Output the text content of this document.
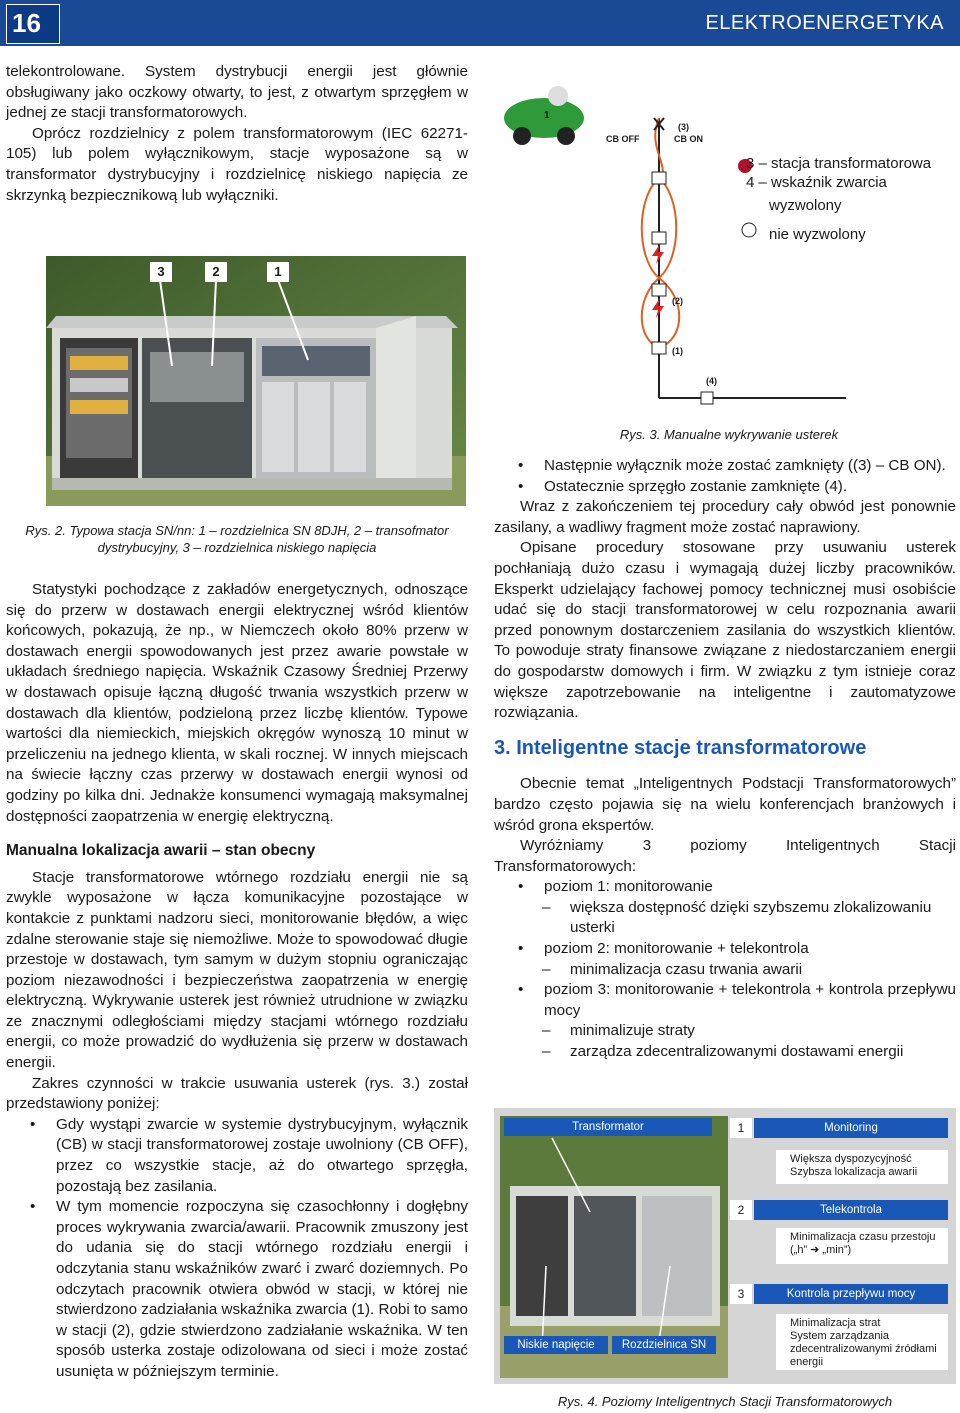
16	ELEKTROENERGETYKA

telekontrolowane. System dystrybucji energii jest głównie obsługiwany jako oczkowy otwarty, to jest, z otwartym sprzęgłem w jednej ze stacji transformatorowych.

Oprócz rozdzielnicy z polem transformatorowym (IEC 62271-105) lub polem wyłącznikowym, stacje wyposażone są w transformator dystrybucyjny i rozdzielnicę niskiego napięcia ze skrzynką bezpiecznikową lub wyłączniki.

3	2	1
Rys. 2. Typowa stacja SN/nn: 1 – rozdzielnica SN 8DJH, 2 – transofmator dystrybucyjny, 3 – rozdzielnica niskiego napięcia
CB OFF	CB ON
(3)
(2)
(1)
(4)
1
3 – stacja transformatorowa
4 – wskaźnik zwarcia
wyzwolony
nie wyzwolony
Rys. 3. Manualne wykrywanie usterek

Statystyki pochodzące z zakładów energetycznych, odnoszące się do przerw w dostawach energii elektrycznej wśród klientów końcowych, pokazują, że np., w Niemczech około 80% przerw w dostawach energii spowodowanych jest przez awarie powstałe w układach średniego napięcia. Wskaźnik Czasowy Średniej Przerwy w dostawach opisuje łączną długość trwania wszystkich przerw w dostawach dla klientów, podzieloną przez liczbę klientów. Typowe wartości dla niemieckich, miejskich okręgów wynoszą 10 minut w przeliczeniu na jednego klienta, w skali rocznej. W innych miejscach na świecie łączny czas przerwy w dostawach energii wynosi od godziny po kilka dni. Jednakże konsumenci wymagają maksymalnej dostępności zaopatrzenia w energię elektryczną.

Manualna lokalizacja awarii – stan obecny

Stacje transformatorowe wtórnego rozdziału energii nie są zwykle wyposażone w łącza komunikacyjne pozostające w kontakcie z punktami nadzoru sieci, monitorowanie błędów, a więc zdalne sterowanie staje się niemożliwe. Może to spowodować długie przestoje w dostawach, tym samym w dużym stopniu ograniczając poziom niezawodności i bezpieczeństwa zaopatrzenia w energię elektryczną. Wykrywanie usterek jest również utrudnione w związku ze znacznymi odległościami między stacjami wtórnego rozdziału energii, co może prowadzić do wydłużenia się przerw w dostawach energii.

Zakres czynności w trakcie usuwania usterek (rys. 3.) został przedstawiony poniżej:

• Gdy wystąpi zwarcie w systemie dystrybucyjnym, wyłącznik (CB) w stacji transformatorowej zostaje uwolniony (CB OFF), przez co wszystkie stacje, aż do otwartego sprzęgła, pozostają bez zasilania.
• W tym momencie rozpoczyna się czasochłonny i dogłębny proces wykrywania zwarcia/awarii. Pracownik zmuszony jest do udania się do stacji wtórnego rozdziału energii i odczytania stanu wskaźników zwarć i zwarć doziemnych. Po odczytach pracownik otwiera obwód w stacji, w której nie stwierdzono zadziałania wskaźnika zwarcia (1). Robi to samo w stacji (2), gdzie stwierdzono zadziałanie wskaźnika. W ten sposób usterka zostaje odizolowana od sieci i może zostać usunięta w późniejszym terminie.
• Następnie wyłącznik może zostać zamknięty ((3) – CB ON).
• Ostatecznie sprzęgło zostanie zamknięte (4).

Wraz z zakończeniem tej procedury cały obwód jest ponownie zasilany, a wadliwy fragment może zostać naprawiony.

Opisane procedury stosowane przy usuwaniu usterek pochłaniają dużo czasu i wymagają dużej liczby pracowników. Eksperkt udzielający fachowej pomocy technicznej musi osobiście udać się do stacji transformatorowej w celu rozpoznania awarii przed ponownym dostarczeniem zasilania do wszystkich klientów. To powoduje straty finansowe związane z niedostarczaniem energii do gospodarstw domowych i firm. W związku z tym istnieje coraz większe zapotrzebowanie na inteligentne i zautomatyzowe rozwiązania.

3. Inteligentne stacje transformatorowe

Obecnie temat „Inteligentnych Podstacji Transformatorowych” bardzo często pojawia się na wielu konferencjach branżowych i wśród grona ekspertów.

Wyróżniamy 3 poziomy Inteligentnych Stacji Transformatorowych:

• poziom 1: monitorowanie
– większa dostępność dzięki szybszemu zlokalizowaniu usterki
• poziom 2: monitorowanie + telekontrola
– minimalizacja czasu trwania awarii
• poziom 3: monitorowanie + telekontrola + kontrola przepływu mocy
– minimalizuje straty
– zarządza zdecentralizowanymi dostawami energii
Transformator
Niskie napięcie	Rozdzielnica SN
1	Monitoring
Większa dyspozycyjność
Szybsza lokalizacja awarii
2	Telekontrola
Minimalizacja czasu przestoju
(„h” ➜ „min”)
3	Kontrola przepływu mocy
Minimalizacja strat
System zarządzania zdecentralizowanymi źródłami energii
Rys. 4. Poziomy Inteligentnych Stacji Transformatorowych
